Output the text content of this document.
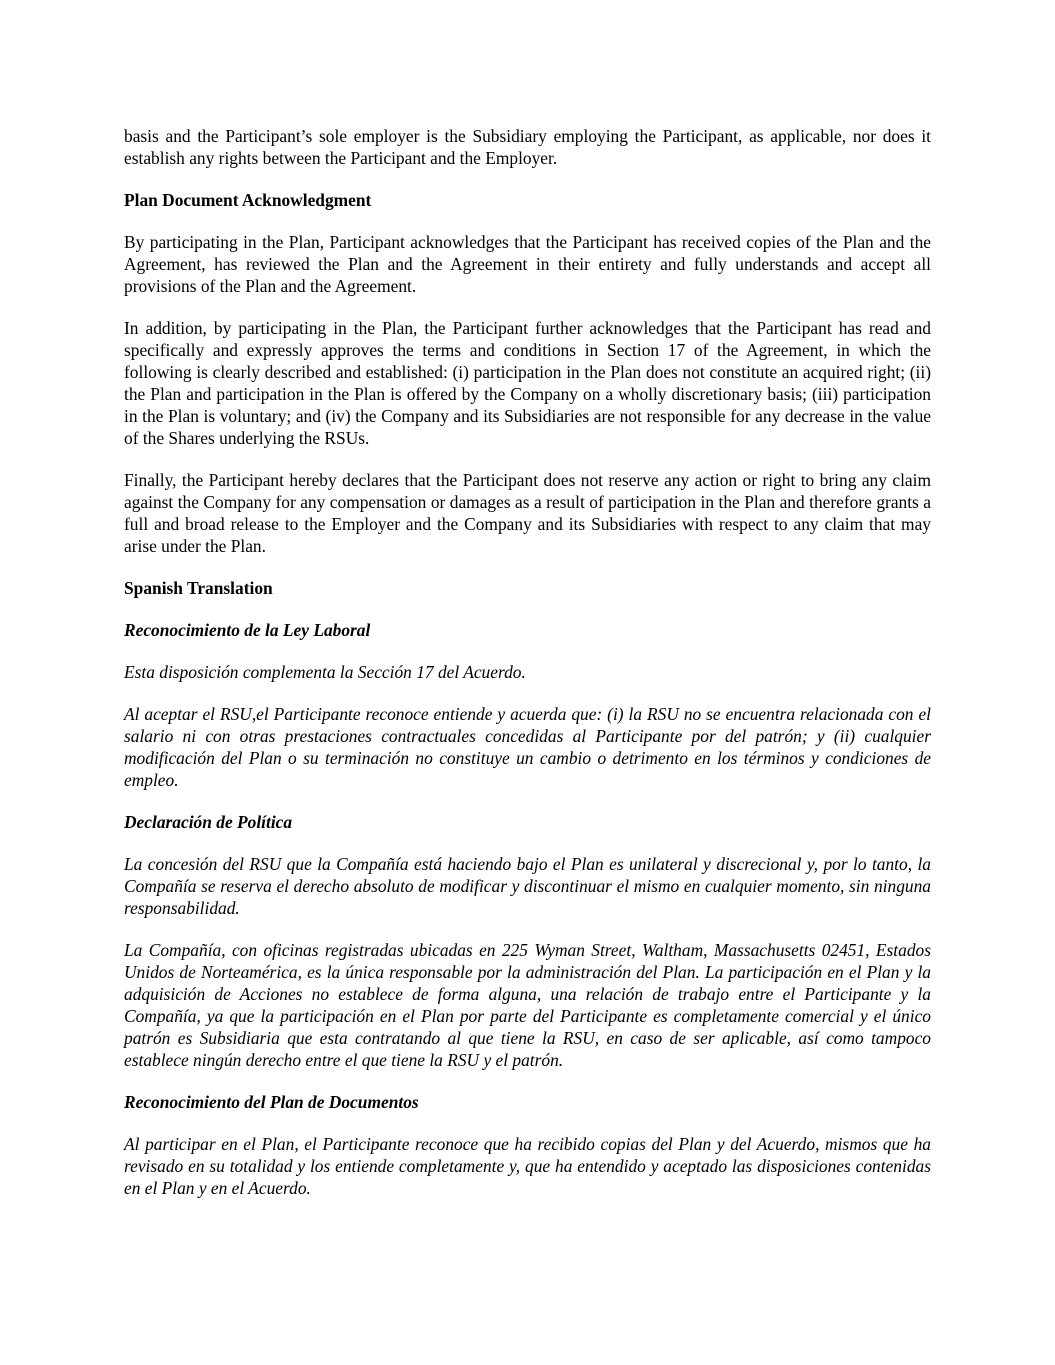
basis and the Participant’s sole employer is the Subsidiary employing the Participant, as applicable, nor does it establish any rights between the Participant and the Employer.

Plan Document Acknowledgment

By participating in the Plan, Participant acknowledges that the Participant has received copies of the Plan and the Agreement, has reviewed the Plan and the Agreement in their entirety and fully understands and accept all provisions of the Plan and the Agreement.

In addition, by participating in the Plan, the Participant further acknowledges that the Participant has read and specifically and expressly approves the terms and conditions in Section 17 of the Agreement, in which the following is clearly described and established: (i) participation in the Plan does not constitute an acquired right; (ii) the Plan and participation in the Plan is offered by the Company on a wholly discretionary basis; (iii) participation in the Plan is voluntary; and (iv) the Company and its Subsidiaries are not responsible for any decrease in the value of the Shares underlying the RSUs.

Finally, the Participant hereby declares that the Participant does not reserve any action or right to bring any claim against the Company for any compensation or damages as a result of participation in the Plan and therefore grants a full and broad release to the Employer and the Company and its Subsidiaries with respect to any claim that may arise under the Plan.

Spanish Translation

Reconocimiento de la Ley Laboral

Esta disposición complementa la Sección 17 del Acuerdo.

Al aceptar el RSU,el Participante reconoce entiende y acuerda que: (i) la RSU no se encuentra relacionada con el salario ni con otras prestaciones contractuales concedidas al Participante por del patrón; y (ii) cualquier modificación del Plan o su terminación no constituye un cambio o detrimento en los términos y condiciones de empleo.

Declaración de Política

La concesión del RSU que la Compañía está haciendo bajo el Plan es unilateral y discrecional y, por lo tanto, la Compañía se reserva el derecho absoluto de modificar y discontinuar el mismo en cualquier momento, sin ninguna responsabilidad.

La Compañía, con oficinas registradas ubicadas en 225 Wyman Street, Waltham, Massachusetts 02451, Estados Unidos de Norteamérica, es la única responsable por la administración del Plan. La participación en el Plan y la adquisición de Acciones no establece de forma alguna, una relación de trabajo entre el Participante y la Compañía, ya que la participación en el Plan por parte del Participante es completamente comercial y el único patrón es Subsidiaria que esta contratando al que tiene la RSU, en caso de ser aplicable, así como tampoco establece ningún derecho entre el que tiene la RSU y el patrón.

Reconocimiento del Plan de Documentos

Al participar en el Plan, el Participante reconoce que ha recibido copias del Plan y del Acuerdo, mismos que ha revisado en su totalidad y los entiende completamente y, que ha entendido y aceptado las disposiciones contenidas en el Plan y en el Acuerdo.
